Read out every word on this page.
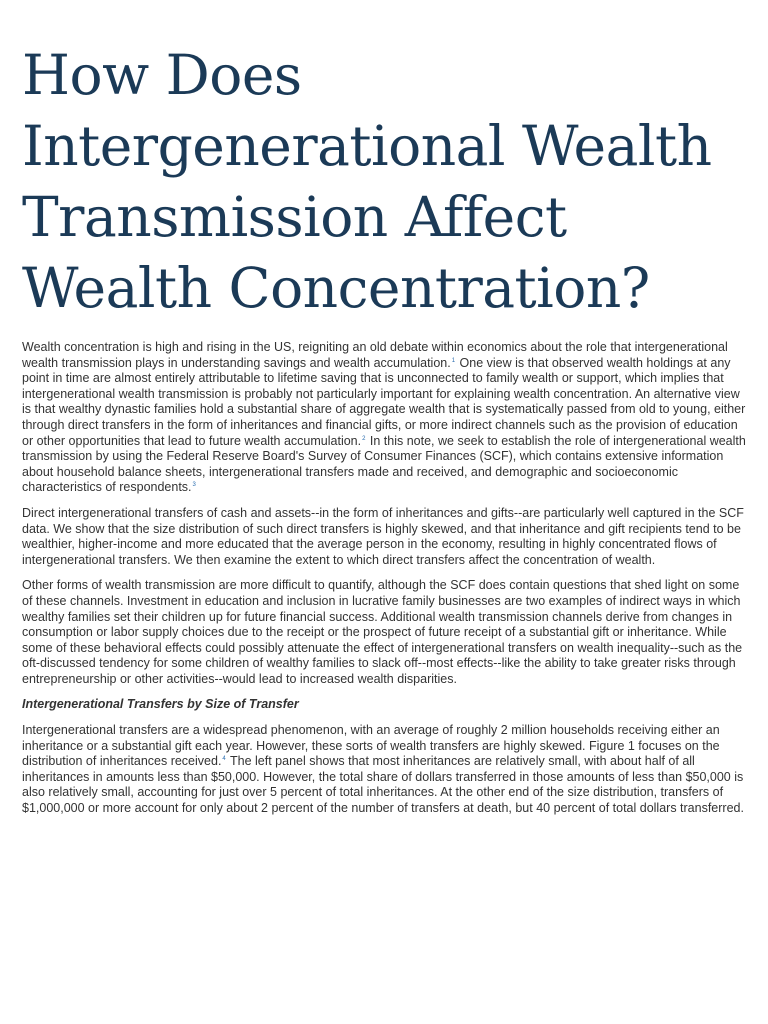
How Does
Intergenerational Wealth
Transmission Affect
Wealth Concentration?

Wealth concentration is high and rising in the US, reigniting an old debate within economics about the role that intergenerational wealth transmission plays in understanding savings and wealth accumulation.$^1$ One view is that observed wealth holdings at any point in time are almost entirely attributable to lifetime saving that is unconnected to family wealth or support, which implies that intergenerational wealth transmission is probably not particularly important for explaining wealth concentration. An alternative view is that wealthy dynastic families hold a substantial share of aggregate wealth that is systematically passed from old to young, either through direct transfers in the form of inheritances and financial gifts, or more indirect channels such as the provision of education or other opportunities that lead to future wealth accumulation.$^2$ In this note, we seek to establish the role of intergenerational wealth transmission by using the Federal Reserve Board's Survey of Consumer Finances (SCF), which contains extensive information about household balance sheets, intergenerational transfers made and received, and demographic and socioeconomic characteristics of respondents.$^3$

Direct intergenerational transfers of cash and assets--in the form of inheritances and gifts--are particularly well captured in the SCF data. We show that the size distribution of such direct transfers is highly skewed, and that inheritance and gift recipients tend to be wealthier, higher-income and more educated that the average person in the economy, resulting in highly concentrated flows of intergenerational transfers. We then examine the extent to which direct transfers affect the concentration of wealth.

Other forms of wealth transmission are more difficult to quantify, although the SCF does contain questions that shed light on some of these channels. Investment in education and inclusion in lucrative family businesses are two examples of indirect ways in which wealthy families set their children up for future financial success. Additional wealth transmission channels derive from changes in consumption or labor supply choices due to the receipt or the prospect of future receipt of a substantial gift or inheritance. While some of these behavioral effects could possibly attenuate the effect of intergenerational transfers on wealth inequality--such as the oft-discussed tendency for some children of wealthy families to slack off--most effects--like the ability to take greater risks through entrepreneurship or other activities--would lead to increased wealth disparities.

Intergenerational Transfers by Size of Transfer

Intergenerational transfers are a widespread phenomenon, with an average of roughly 2 million households receiving either an inheritance or a substantial gift each year. However, these sorts of wealth transfers are highly skewed. Figure 1 focuses on the distribution of inheritances received.$^4$ The left panel shows that most inheritances are relatively small, with about half of all inheritances in amounts less than $50,000. However, the total share of dollars transferred in those amounts of less than $50,000 is also relatively small, accounting for just over 5 percent of total inheritances. At the other end of the size distribution, transfers of $1,000,000 or more account for only about 2 percent of the number of transfers at death, but 40 percent of total dollars transferred.
